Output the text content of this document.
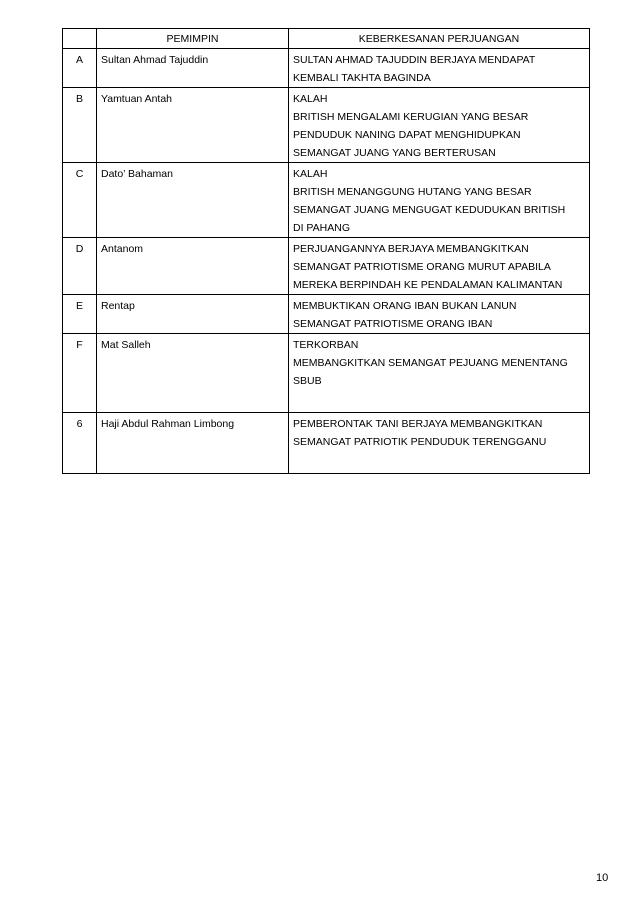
	PEMIMPIN	KEBERKESANAN PERJUANGAN
A	Sultan Ahmad Tajuddin	SULTAN AHMAD TAJUDDIN BERJAYA MENDAPAT
KEMBALI TAKHTA BAGINDA

B	Yamtuan Antah	KALAH
BRITISH MENGALAMI KERUGIAN YANG BESAR
PENDUDUK NANING DAPAT MENGHIDUPKAN
SEMANGAT JUANG YANG BERTERUSAN

C	Dato’ Bahaman	KALAH
BRITISH MENANGGUNG HUTANG YANG BESAR
SEMANGAT JUANG MENGUGAT KEDUDUKAN BRITISH
DI PAHANG

D	Antanom	PERJUANGANNYA BERJAYA MEMBANGKITKAN
SEMANGAT PATRIOTISME ORANG MURUT APABILA
MEREKA BERPINDAH KE PENDALAMAN KALIMANTAN

E	Rentap	MEMBUKTIKAN ORANG IBAN BUKAN LANUN
SEMANGAT PATRIOTISME ORANG IBAN

F	Mat Salleh	TERKORBAN
MEMBANGKITKAN SEMANGAT PEJUANG MENENTANG
SBUB

6	Haji Abdul Rahman Limbong	PEMBERONTAK TANI BERJAYA MEMBANGKITKAN
SEMANGAT PATRIOTIK PENDUDUK TERENGGANU
10
